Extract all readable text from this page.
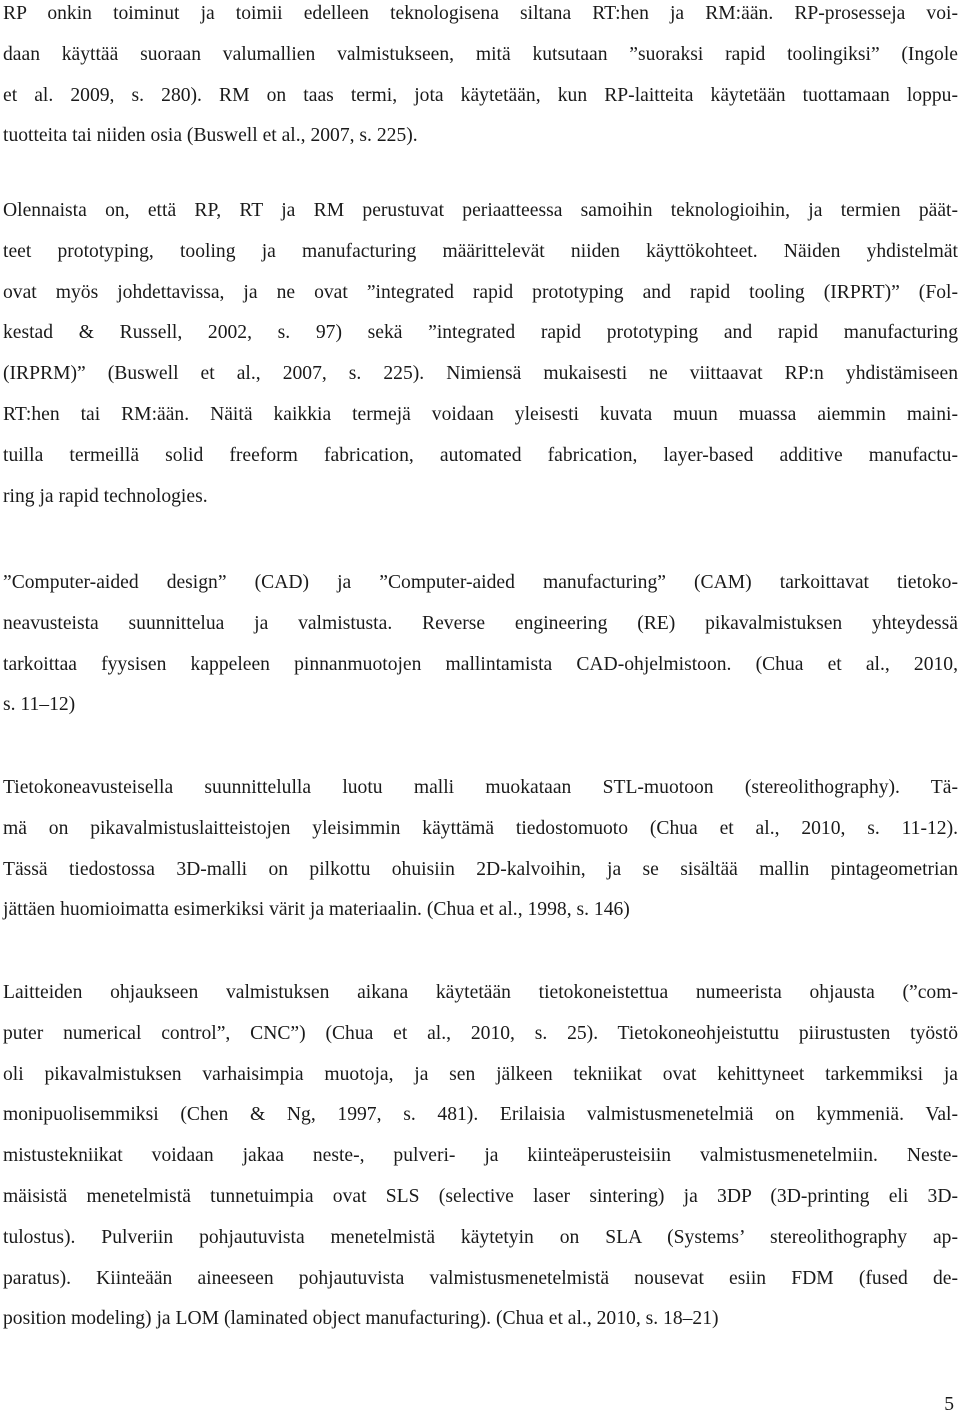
RP onkin toiminut ja toimii edelleen teknologisena siltana RT:hen ja RM:ään. RP-prosesseja voi-
daan käyttää suoraan valumallien valmistukseen, mitä kutsutaan ”suoraksi rapid toolingiksi” (Ingole
et al. 2009, s. 280). RM on taas termi, jota käytetään, kun RP-laitteita käytetään tuottamaan loppu-
tuotteita tai niiden osia (Buswell et al., 2007, s. 225).
Olennaista on, että RP, RT ja RM perustuvat periaatteessa samoihin teknologioihin, ja termien päät-
teet prototyping, tooling ja manufacturing määrittelevät niiden käyttökohteet. Näiden yhdistelmät
ovat myös johdettavissa, ja ne ovat ”integrated rapid prototyping and rapid tooling (IRPRT)” (Fol-
kestad & Russell, 2002, s. 97) sekä ”integrated rapid prototyping and rapid manufacturing
(IRPRM)” (Buswell et al., 2007, s. 225). Nimiensä mukaisesti ne viittaavat RP:n yhdistämiseen
RT:hen tai RM:ään. Näitä kaikkia termejä voidaan yleisesti kuvata muun muassa aiemmin maini-
tuilla termeillä solid freeform fabrication, automated fabrication, layer-based additive manufactu-
ring ja rapid technologies.
”Computer-aided design” (CAD) ja ”Computer-aided manufacturing” (CAM) tarkoittavat tietoko-
neavusteista suunnittelua ja valmistusta. Reverse engineering (RE) pikavalmistuksen yhteydessä
tarkoittaa fyysisen kappeleen pinnanmuotojen mallintamista CAD-ohjelmistoon. (Chua et al., 2010,
s. 11–12)
Tietokoneavusteisella suunnittelulla luotu malli muokataan STL-muotoon (stereolithography). Tä-
mä on pikavalmistuslaitteistojen yleisimmin käyttämä tiedostomuoto (Chua et al., 2010, s. 11-12).
Tässä tiedostossa 3D-malli on pilkottu ohuisiin 2D-kalvoihin, ja se sisältää mallin pintageometrian
jättäen huomioimatta esimerkiksi värit ja materiaalin. (Chua et al., 1998, s. 146)
Laitteiden ohjaukseen valmistuksen aikana käytetään tietokoneistettua numeerista ohjausta (”com-
puter numerical control”, CNC”) (Chua et al., 2010, s. 25). Tietokoneohjeistuttu piirustusten työstö
oli pikavalmistuksen varhaisimpia muotoja, ja sen jälkeen tekniikat ovat kehittyneet tarkemmiksi ja
monipuolisemmiksi (Chen & Ng, 1997, s. 481). Erilaisia valmistusmenetelmiä on kymmeniä. Val-
mistustekniikat voidaan jakaa neste-, pulveri- ja kiinteäperusteisiin valmistusmenetelmiin. Neste-
mäisistä menetelmistä tunnetuimpia ovat SLS (selective laser sintering) ja 3DP (3D-printing eli 3D-
tulostus). Pulveriin pohjautuvista menetelmistä käytetyin on SLA (Systems’ stereolithography ap-
paratus). Kiinteään aineeseen pohjautuvista valmistusmenetelmistä nousevat esiin FDM (fused de-
position modeling) ja LOM (laminated object manufacturing). (Chua et al., 2010, s. 18–21)
5
